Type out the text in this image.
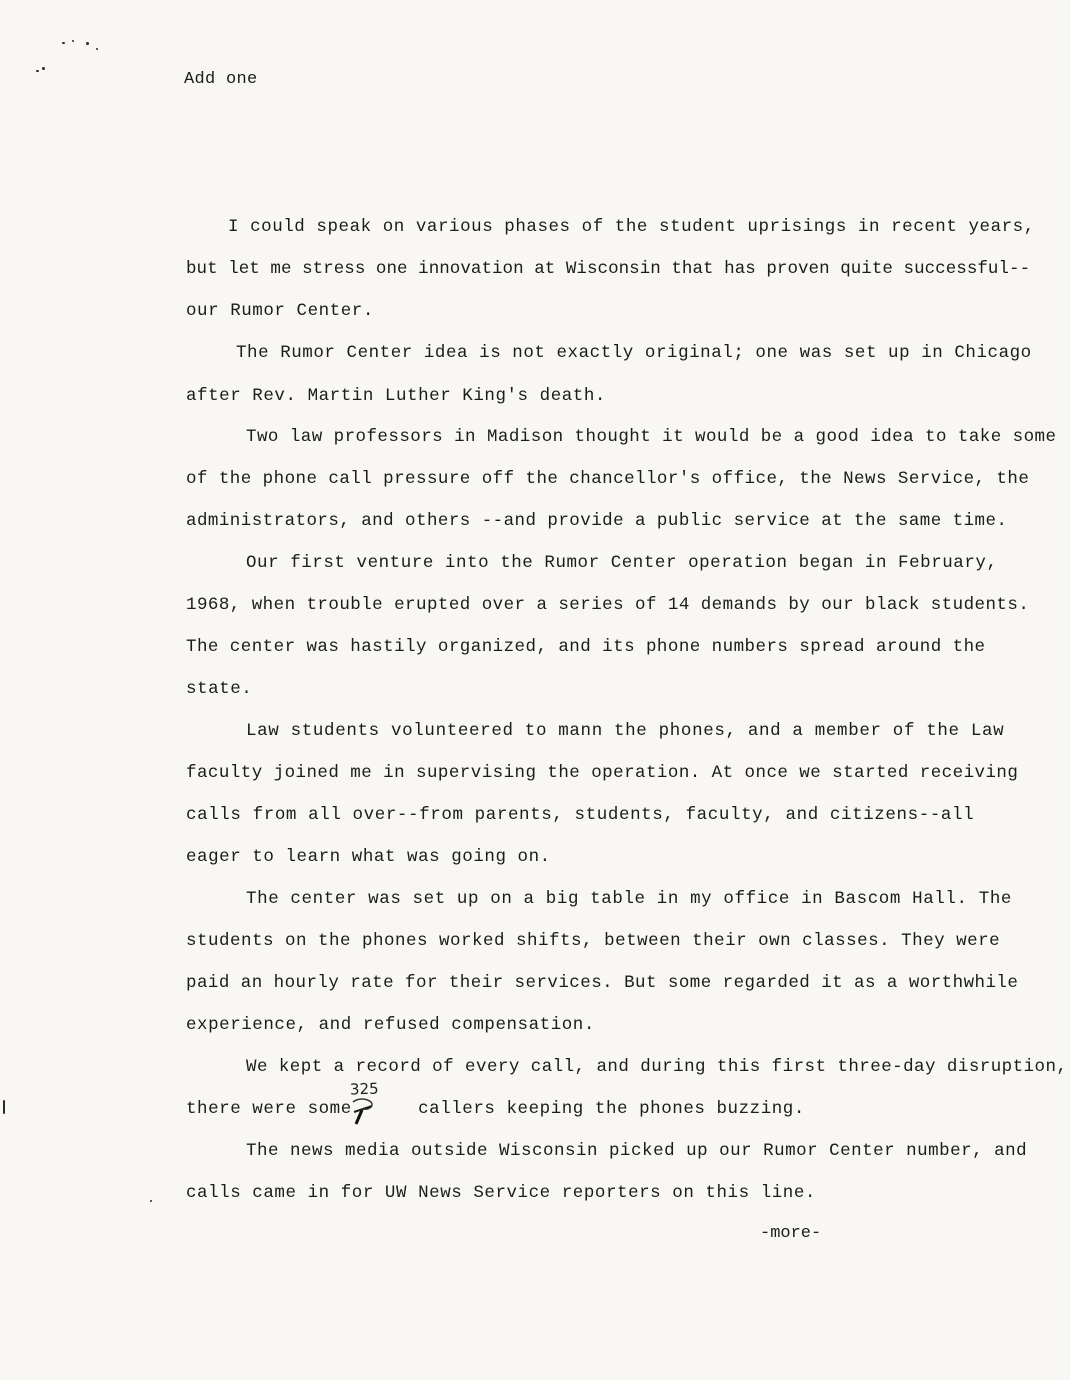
Add one
I could speak on various phases of the student uprisings in recent years,
but let me stress one innovation at Wisconsin that has proven quite successful--
our Rumor Center.
The Rumor Center idea is not exactly original; one was set up in Chicago
after Rev. Martin Luther King's death.
Two law professors in Madison thought it would be a good idea to take some
of the phone call pressure off the chancellor's office, the News Service, the
administrators, and others --and provide a public service at the same time.
Our first venture into the Rumor Center operation began in February,
1968, when trouble erupted over a series of 14 demands by our black students.
The center was hastily organized, and its phone numbers spread around the
state.
Law students volunteered to mann the phones, and a member of the Law
faculty joined me in supervising the operation. At once we started receiving
calls from all over--from parents, students, faculty, and citizens--all
eager to learn what was going on.
The center was set up on a big table in my office in Bascom Hall. The
students on the phones worked shifts, between their own classes. They were
paid an hourly rate for their services. But some regarded it as a worthwhile
experience, and refused compensation.
We kept a record of every call, and during this first three-day disruption,
there were some      callers keeping the phones buzzing.
325
The news media outside Wisconsin picked up our Rumor Center number, and
calls came in for UW News Service reporters on this line.
-more-
